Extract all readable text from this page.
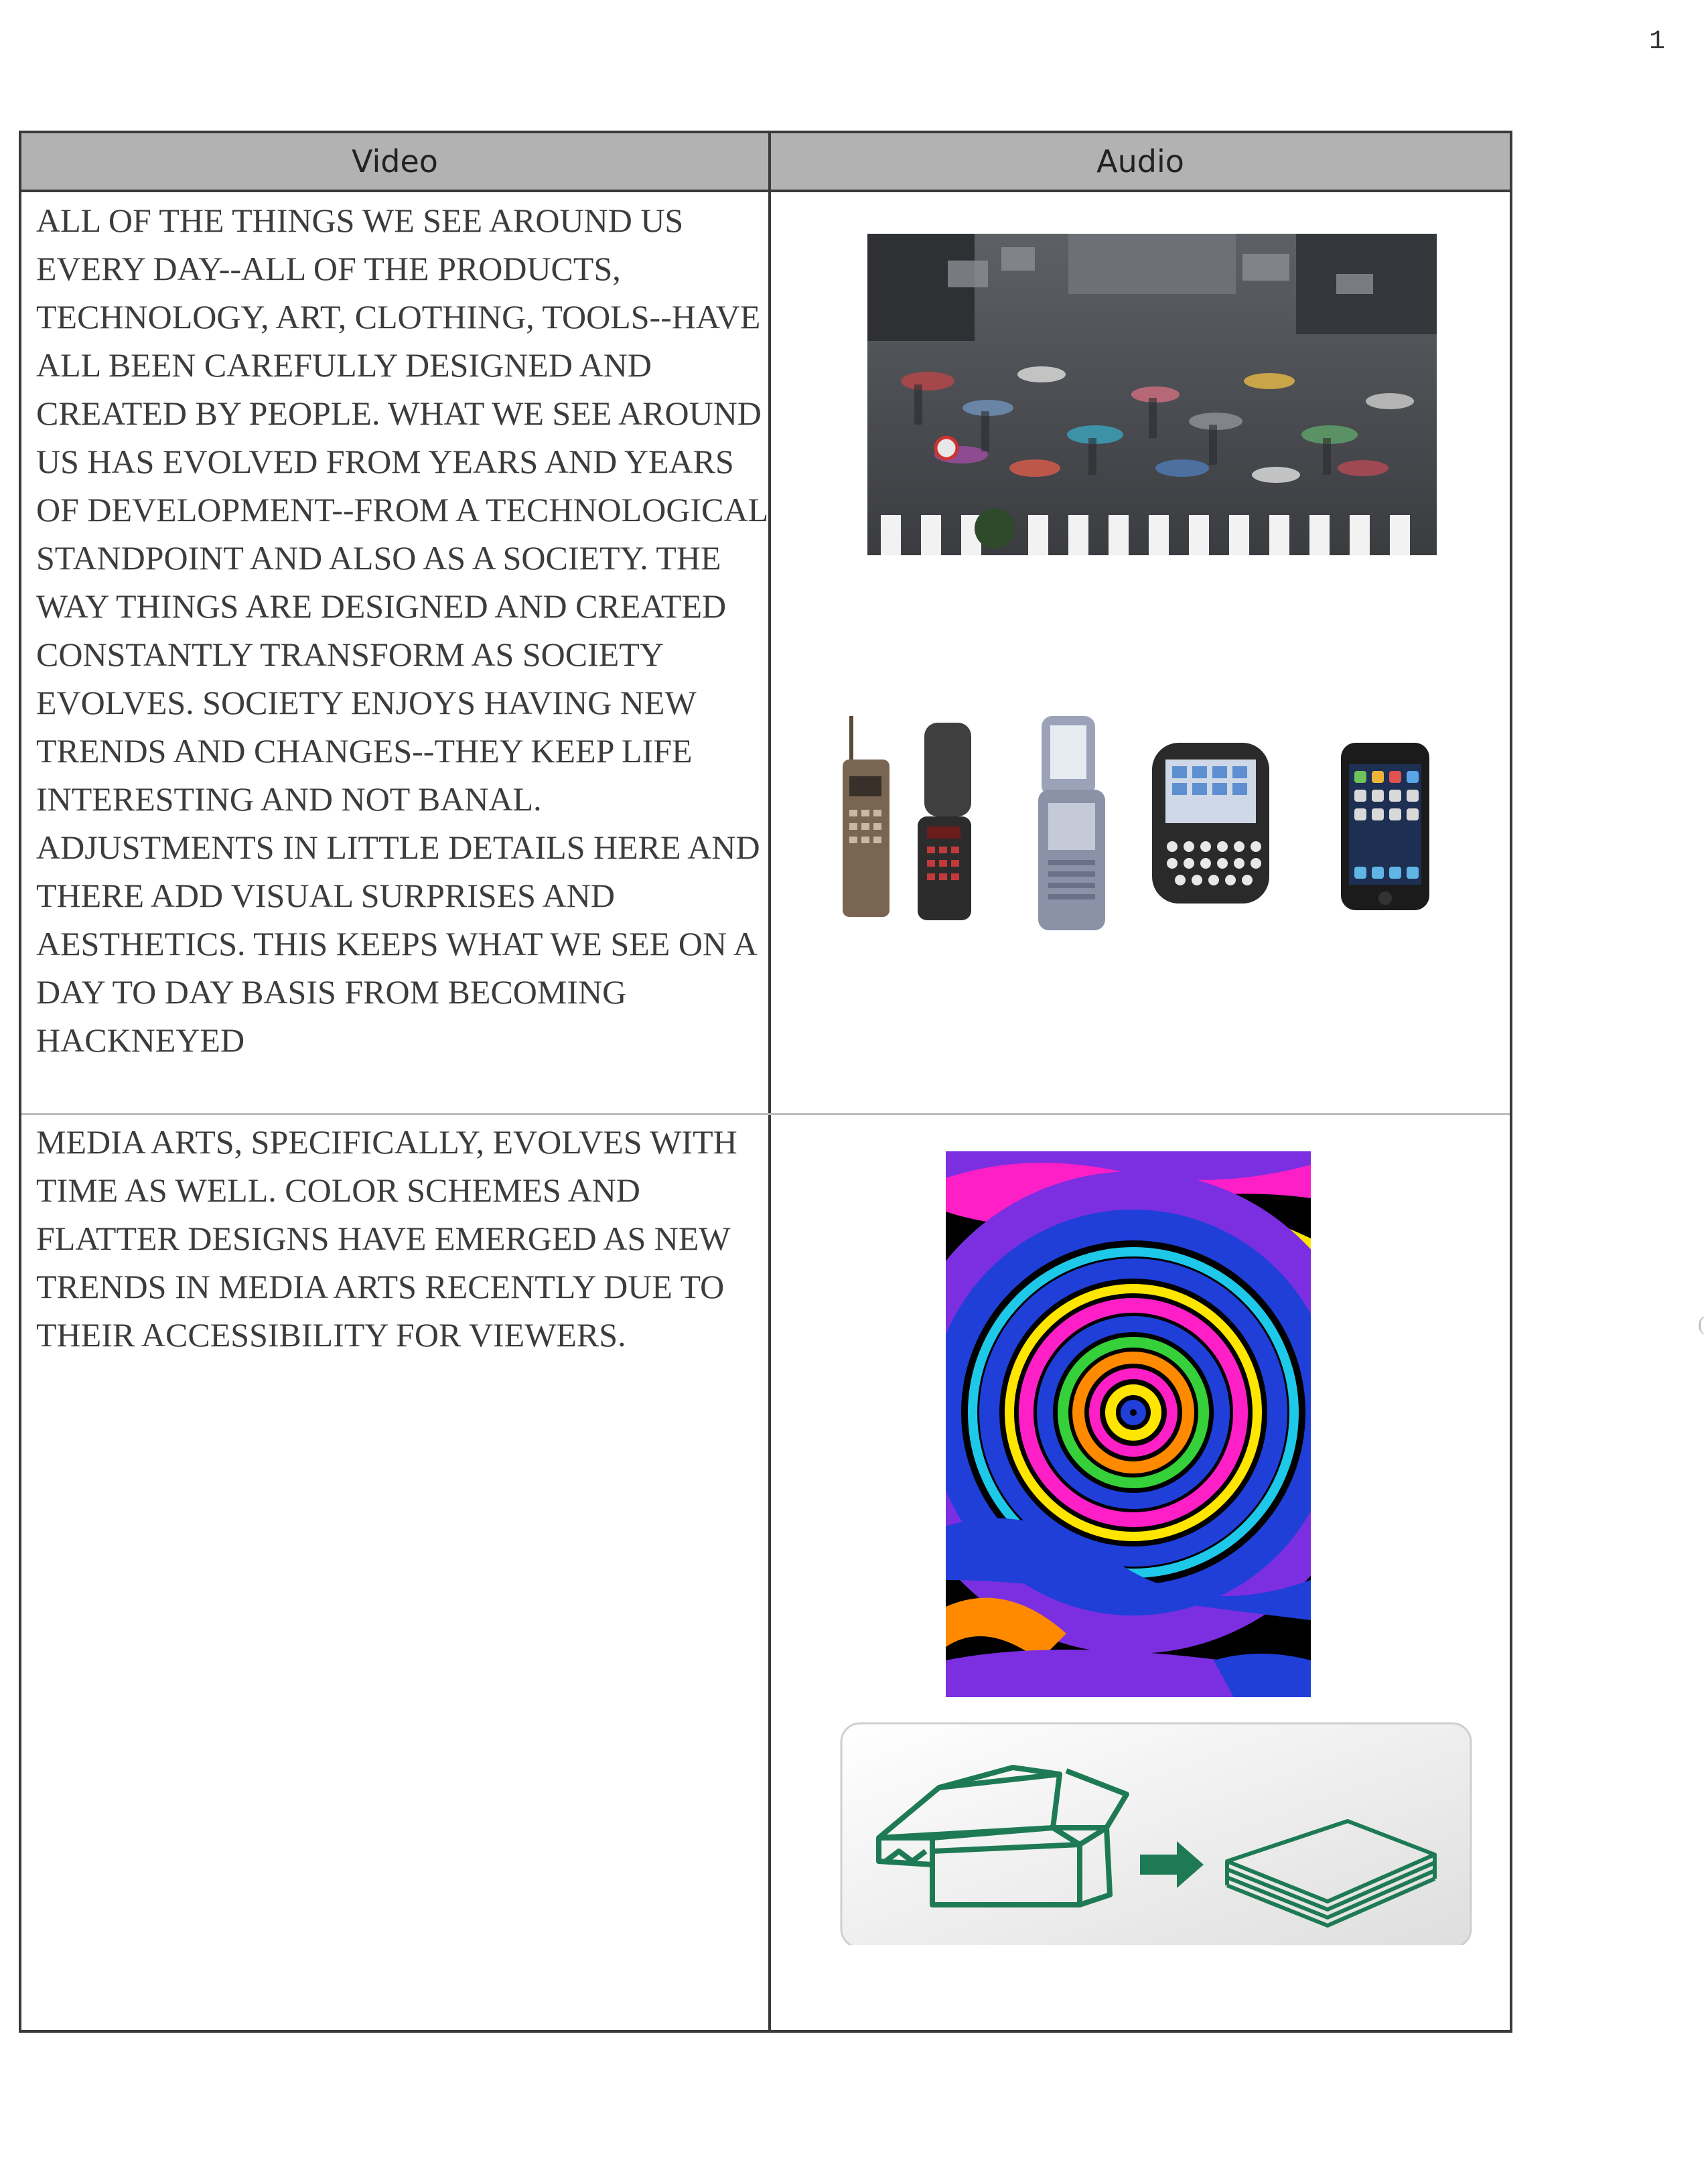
1
Video	Audio
ALL OF THE THINGS WE SEE AROUND US EVERY DAY--ALL OF THE PRODUCTS, TECHNOLOGY, ART, CLOTHING, TOOLS--HAVE ALL BEEN CAREFULLY DESIGNED AND CREATED BY PEOPLE. WHAT WE SEE AROUND US HAS EVOLVED FROM YEARS AND YEARS OF DEVELOPMENT--FROM A TECHNOLOGICAL STANDPOINT AND ALSO AS A SOCIETY. THE WAY THINGS ARE DESIGNED AND CREATED CONSTANTLY TRANSFORM AS SOCIETY EVOLVES. SOCIETY ENJOYS HAVING NEW TRENDS AND CHANGES--THEY KEEP LIFE INTERESTING AND NOT BANAL. ADJUSTMENTS IN LITTLE DETAILS HERE AND THERE ADD VISUAL SURPRISES AND AESTHETICS. THIS KEEPS WHAT WE SEE ON A DAY TO DAY BASIS FROM BECOMING HACKNEYED
MEDIA ARTS, SPECIFICALLY, EVOLVES WITH TIME AS WELL. COLOR SCHEMES AND FLATTER DESIGNS HAVE EMERGED AS NEW TRENDS IN MEDIA ARTS RECENTLY DUE TO THEIR ACCESSIBILITY FOR VIEWERS.	(
